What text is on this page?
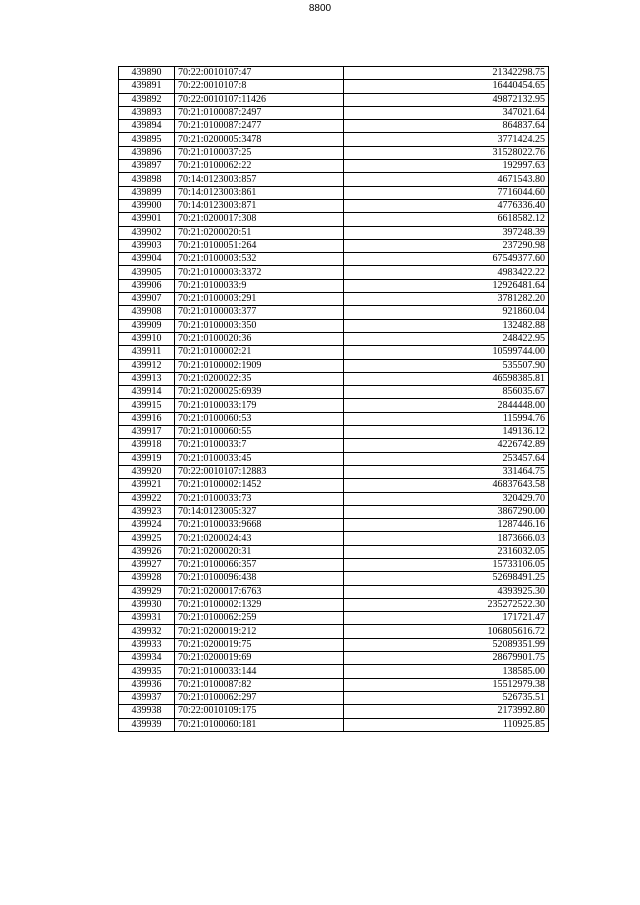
8800
439890	70:22:0010107:47	21342298.75
439891	70:22:0010107:8	16440454.65
439892	70:22:0010107:11426	49872132.95
439893	70:21:0100087:2497	347021.64
439894	70:21:0100087:2477	864837.64
439895	70:21:0200005:3478	3771424.25
439896	70:21:0100037:25	31528022.76
439897	70:21:0100062:22	192997.63
439898	70:14:0123003:857	4671543.80
439899	70:14:0123003:861	7716044.60
439900	70:14:0123003:871	4776336.40
439901	70:21:0200017:308	6618582.12
439902	70:21:0200020:51	397248.39
439903	70:21:0100051:264	237290.98
439904	70:21:0100003:532	67549377.60
439905	70:21:0100003:3372	4983422.22
439906	70:21:0100033:9	12926481.64
439907	70:21:0100003:291	3781282.20
439908	70:21:0100003:377	921860.04
439909	70:21:0100003:350	132482.88
439910	70:21:0100020:36	248422.95
439911	70:21:0100002:21	10599744.00
439912	70:21:0100002:1909	535507.90
439913	70:21:0200022:35	46598385.81
439914	70:21:0200025:6939	856035.67
439915	70:21:0100033:179	2844448.00
439916	70:21:0100060:53	115994.76
439917	70:21:0100060:55	149136.12
439918	70:21:0100033:7	4226742.89
439919	70:21:0100033:45	253457.64
439920	70:22:0010107:12883	331464.75
439921	70:21:0100002:1452	46837643.58
439922	70:21:0100033:73	320429.70
439923	70:14:0123005:327	3867290.00
439924	70:21:0100033:9668	1287446.16
439925	70:21:0200024:43	1873666.03
439926	70:21:0200020:31	2316032.05
439927	70:21:0100066:357	15733106.05
439928	70:21:0100096:438	52698491.25
439929	70:21:0200017:6763	4393925.30
439930	70:21:0100002:1329	235272522.30
439931	70:21:0100062:259	171721.47
439932	70:21:0200019:212	106805616.72
439933	70:21:0200019:75	52089351.99
439934	70:21:0200019:69	28679901.75
439935	70:21:0100033:144	138585.00
439936	70:21:0100087:82	15512979.38
439937	70:21:0100062:297	526735.51
439938	70:22:0010109:175	2173992.80
439939	70:21:0100060:181	110925.85
